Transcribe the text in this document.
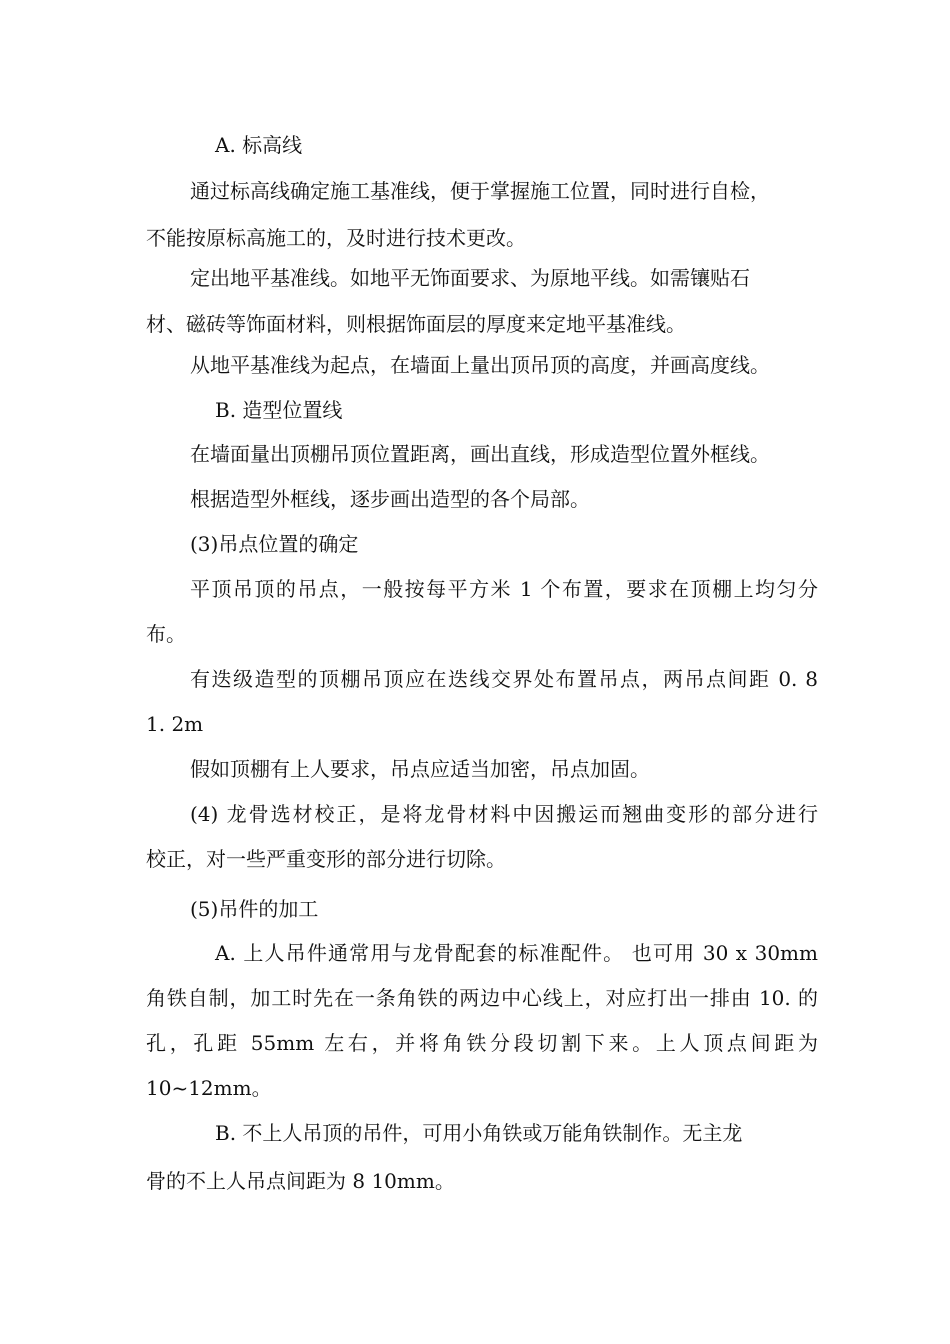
A. 标高线
通过标高线确定施工基准线，便于掌握施工位置，同时进行自检，
不能按原标高施工的，及时进行技术更改。
定出地平基准线。如地平无饰面要求、为原地平线。如需镶贴石
材、磁砖等饰面材料，则根据饰面层的厚度来定地平基准线。
从地平基准线为起点，在墙面上量出顶吊顶的高度，并画高度线。
B. 造型位置线
在墙面量出顶棚吊顶位置距离，画出直线，形成造型位置外框线。
根据造型外框线，逐步画出造型的各个局部。
(3)吊点位置的确定
平顶吊顶的吊点，一般按每平方米 1 个布置，要求在顶棚上均匀分
布。
有迭级造型的顶棚吊顶应在迭线交界处布置吊点，两吊点间距 0. 8
1. 2m
假如顶棚有上人要求，吊点应适当加密，吊点加固。
(4) 龙骨选材校正，是将龙骨材料中因搬运而翘曲变形的部分进行
校正，对一些严重变形的部分进行切除。
(5)吊件的加工
A. 上人吊件通常用与龙骨配套的标准配件。 也可用 30 x 30mm
角铁自制，加工时先在一条角铁的两边中心线上，对应打出一排由 10. 的
孔，孔距 55mm 左右，并将角铁分段切割下来。上人顶点间距为
10~12mm。
B. 不上人吊顶的吊件，可用小角铁或万能角铁制作。无主龙
骨的不上人吊点间距为 8 10mm。
